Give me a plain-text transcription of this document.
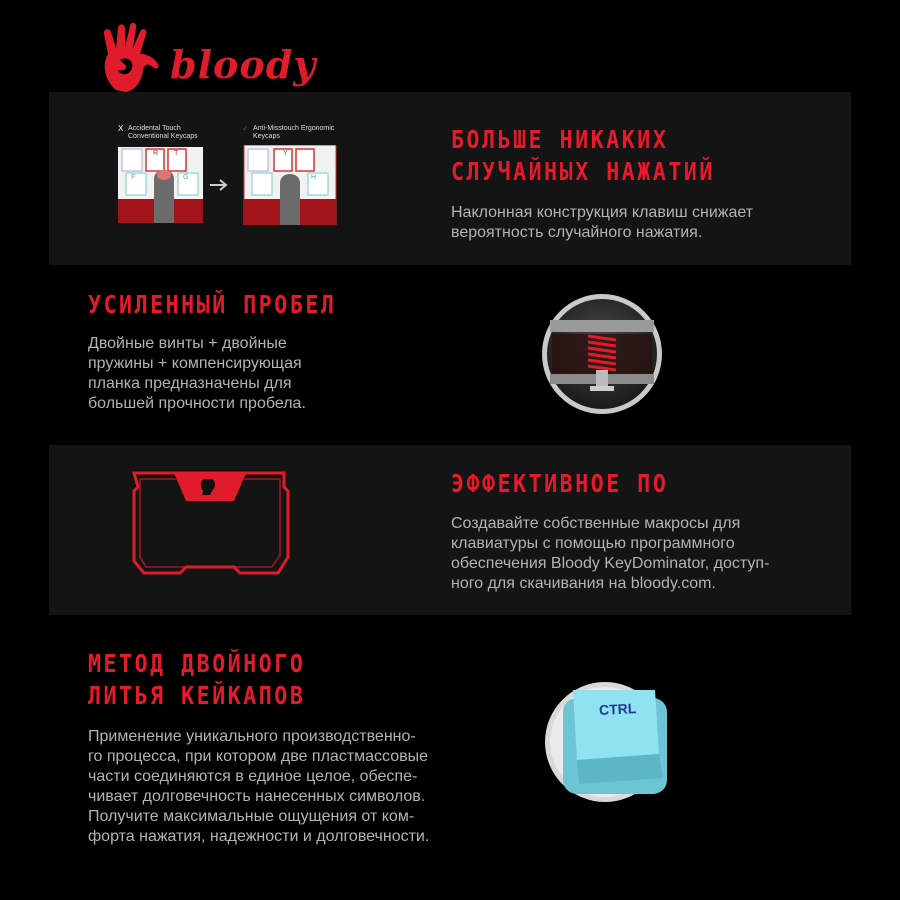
bloody
X Accidental Touch
Conventional Keycaps
✓ Anti-Misstouch Ergonomic
Keycaps
R T	Y
F	G	H
БОЛЬШЕ НИКАКИХ
СЛУЧАЙНЫХ НАЖАТИЙ
Наклонная конструкция клавиш снижает
вероятность случайного нажатия.
УСИЛЕННЫЙ ПРОБЕЛ
Двойные винты + двойные
пружины + компенсирующая
планка предназначены для
большей прочности пробела.
ЭФФЕКТИВНОЕ ПО
Создавайте собственные макросы для
клавиатуры с помощью программного
обеспечения Bloody KeyDominator, доступ-
ного для скачивания на bloody.com.
МЕТОД ДВОЙНОГО
ЛИТЬЯ КЕЙКАПОВ
Применение уникального производственно-
го процесса, при котором две пластмассовые
части соединяются в единое целое, обеспе-
чивает долговечность нанесенных символов.
Получите максимальные ощущения от ком-
форта нажатия, надежности и долговечности.
CTRL
